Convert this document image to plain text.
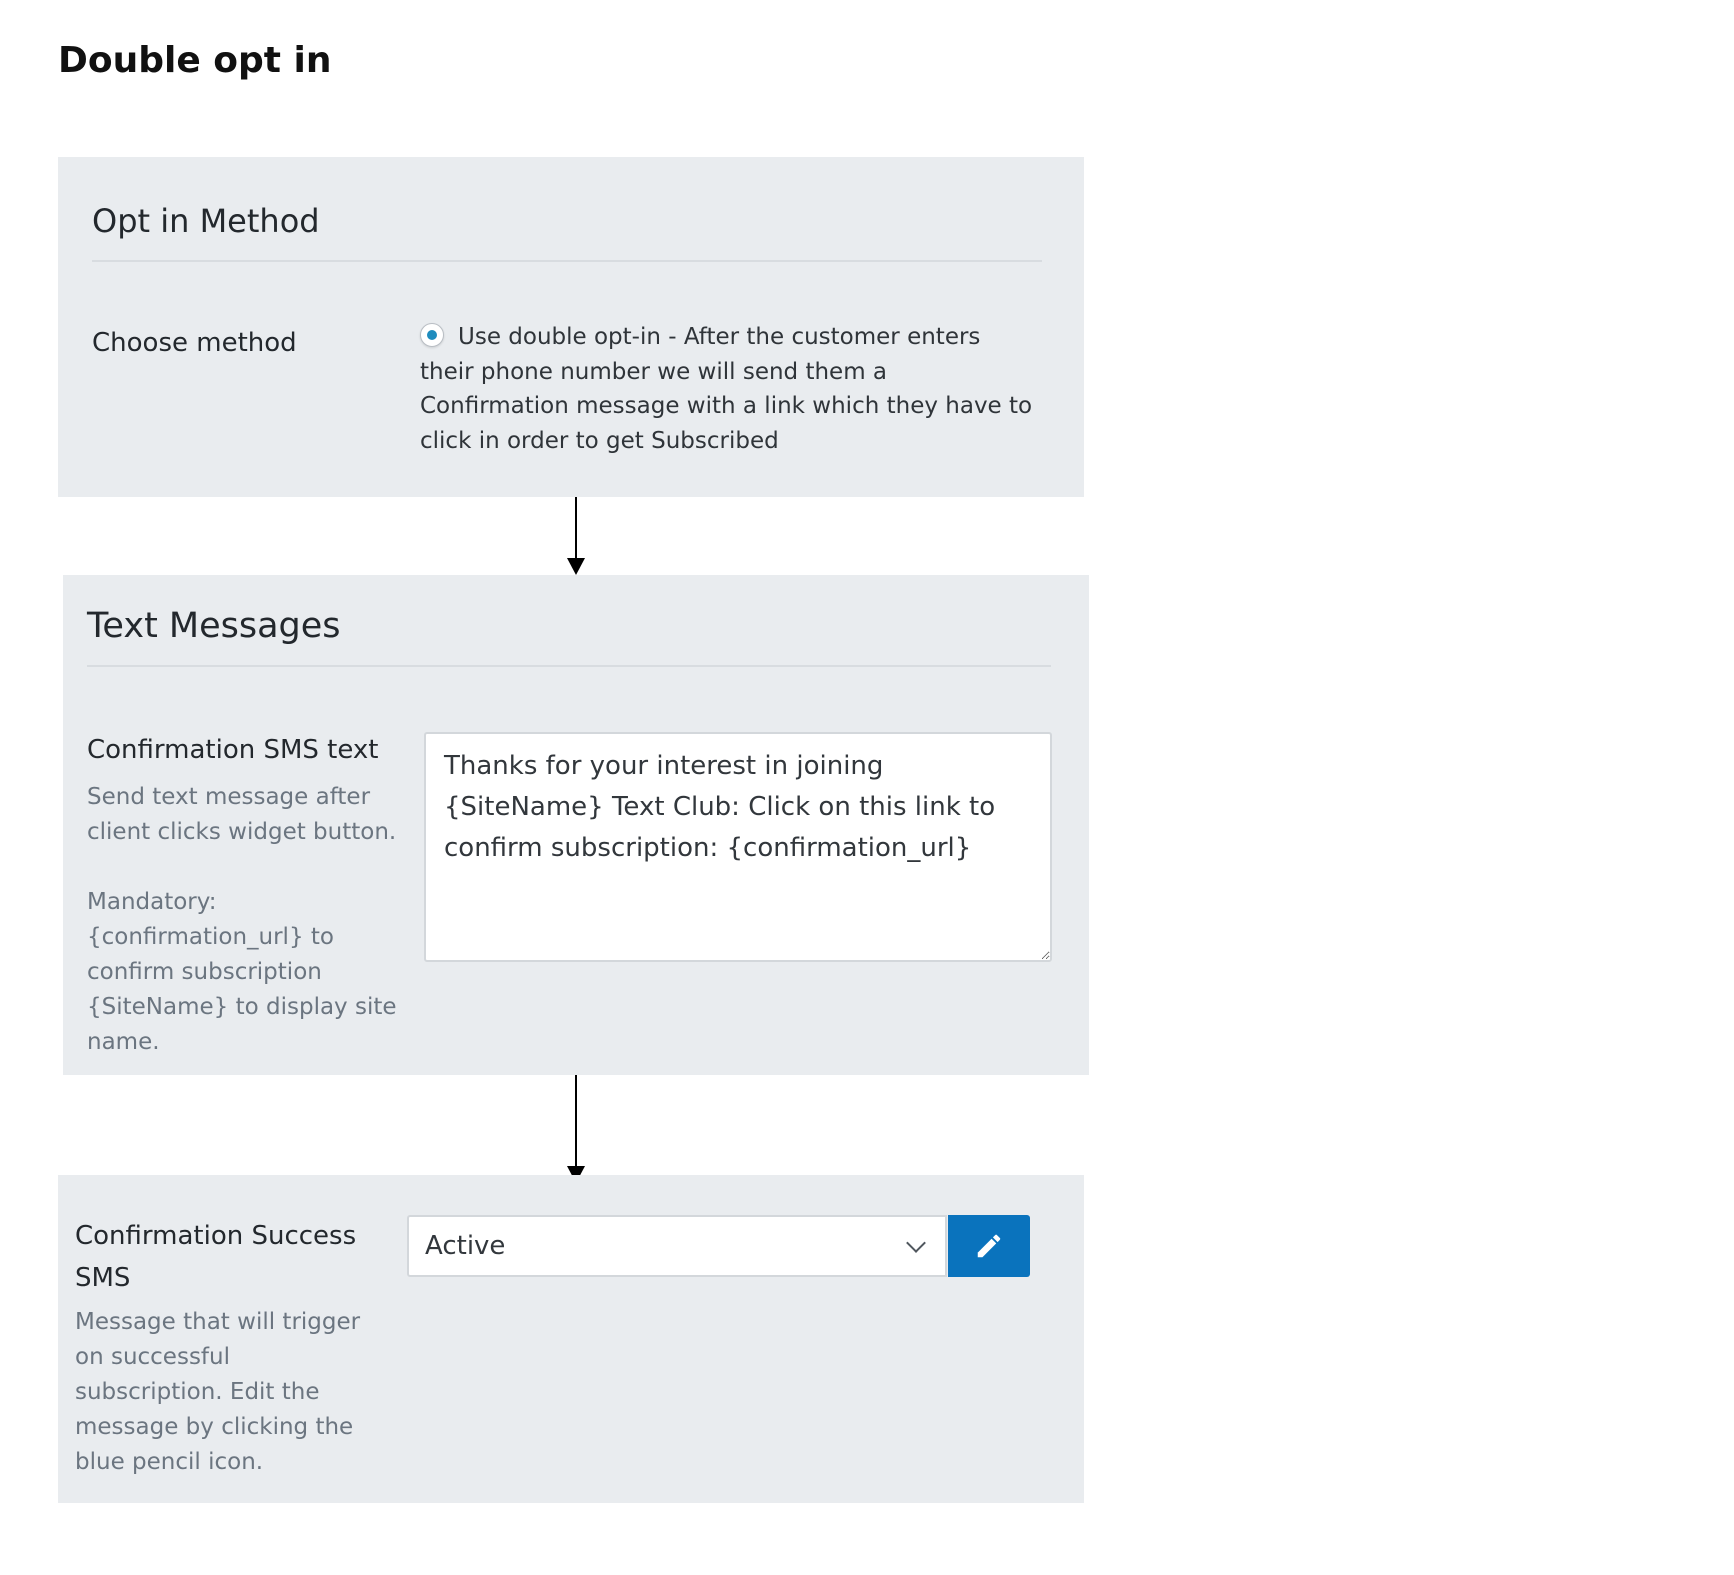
Double opt in
Opt in Method
Choose method	Use double opt-in - After the customer enters their phone number we will send them a Confirmation message with a link which they have to click in order to get Subscribed
Text Messages
Confirmation SMS text
Send text message after client clicks widget button.
Mandatory:
{confirmation_url} to
confirm subscription
{SiteName} to display site
name.
Thanks for your interest in joining {SiteName} Text Club: Click on this link to confirm subscription: {confirmation_url}
Confirmation Success SMS
Message that will trigger on successful subscription. Edit the message by clicking the blue pencil icon.
Active
